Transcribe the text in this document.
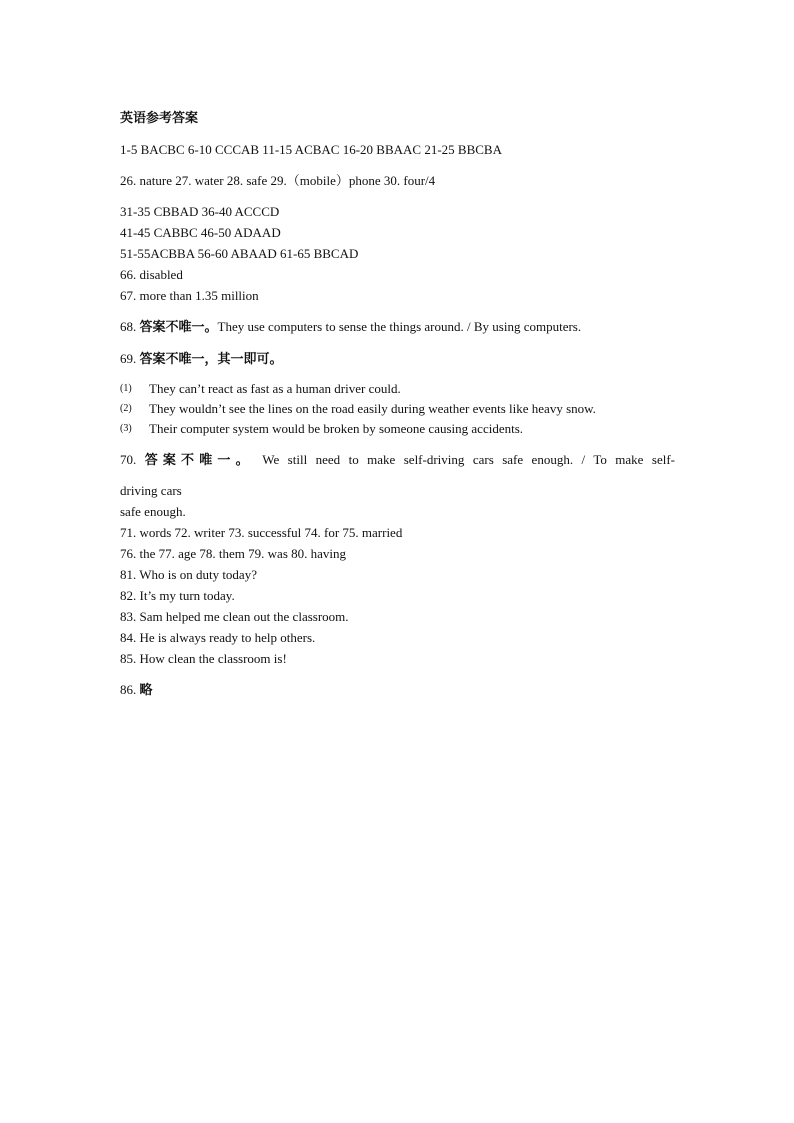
英语参考答案
1-5 BACBC 6-10 CCCAB 11-15 ACBAC 16-20 BBAAC 21-25 BBCBA
26. nature 27. water 28. safe 29.（mobile）phone 30. four/4
31-35 CBBAD 36-40 ACCCD
41-45 CABBC 46-50 ADAAD
51-55ACBBA 56-60 ABAAD 61-65 BBCAD
66. disabled
67. more than 1.35 million
68. 答案不唯一。They use computers to sense the things around. / By using computers.
69. 答案不唯一，其一即可。
(1) They can’t react as fast as a human driver could.
(2) They wouldn’t see the lines on the road easily during weather events like heavy snow.
(3) Their computer system would be broken by someone causing accidents.
70. 答案不唯一。 We still need to make self-driving cars safe enough. / To make self-
driving cars
safe enough.
71. words 72. writer 73. successful 74. for 75. married
76. the 77. age 78. them 79. was 80. having
81. Who is on duty today?
82. It’s my turn today.
83. Sam helped me clean out the classroom.
84. He is always ready to help others.
85. How clean the classroom is!
86. 略
